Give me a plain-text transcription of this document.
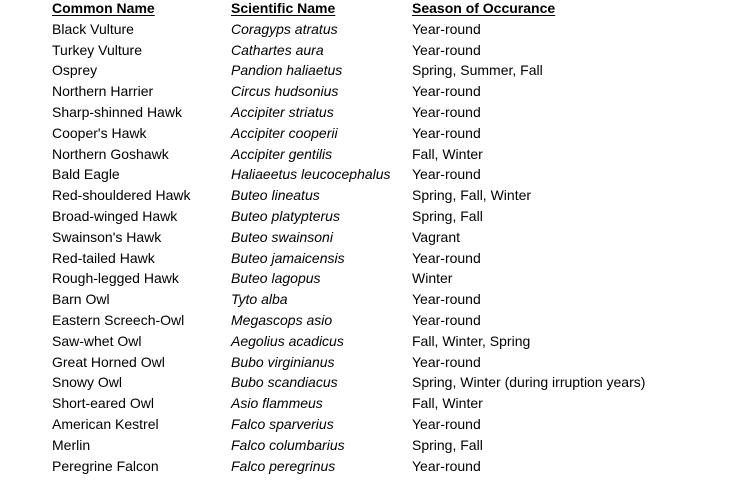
Common Name	Scientific Name	Season of Occurance
Black Vulture	Coragyps atratus	Year-round
Turkey Vulture	Cathartes aura	Year-round
Osprey	Pandion haliaetus	Spring, Summer, Fall
Northern Harrier	Circus hudsonius	Year-round
Sharp-shinned Hawk	Accipiter striatus	Year-round
Cooper's Hawk	Accipiter cooperii	Year-round
Northern Goshawk	Accipiter gentilis	Fall, Winter
Bald Eagle	Haliaeetus leucocephalus	Year-round
Red-shouldered Hawk	Buteo lineatus	Spring, Fall, Winter
Broad-winged Hawk	Buteo platypterus	Spring, Fall
Swainson's Hawk	Buteo swainsoni	Vagrant
Red-tailed Hawk	Buteo jamaicensis	Year-round
Rough-legged Hawk	Buteo lagopus	Winter
Barn Owl	Tyto alba	Year-round
Eastern Screech-Owl	Megascops asio	Year-round
Saw-whet Owl	Aegolius acadicus	Fall, Winter, Spring
Great Horned Owl	Bubo virginianus	Year-round
Snowy Owl	Bubo scandiacus	Spring, Winter (during irruption years)
Short-eared Owl	Asio flammeus	Fall, Winter
American Kestrel	Falco sparverius	Year-round
Merlin	Falco columbarius	Spring, Fall
Peregrine Falcon	Falco peregrinus	Year-round
